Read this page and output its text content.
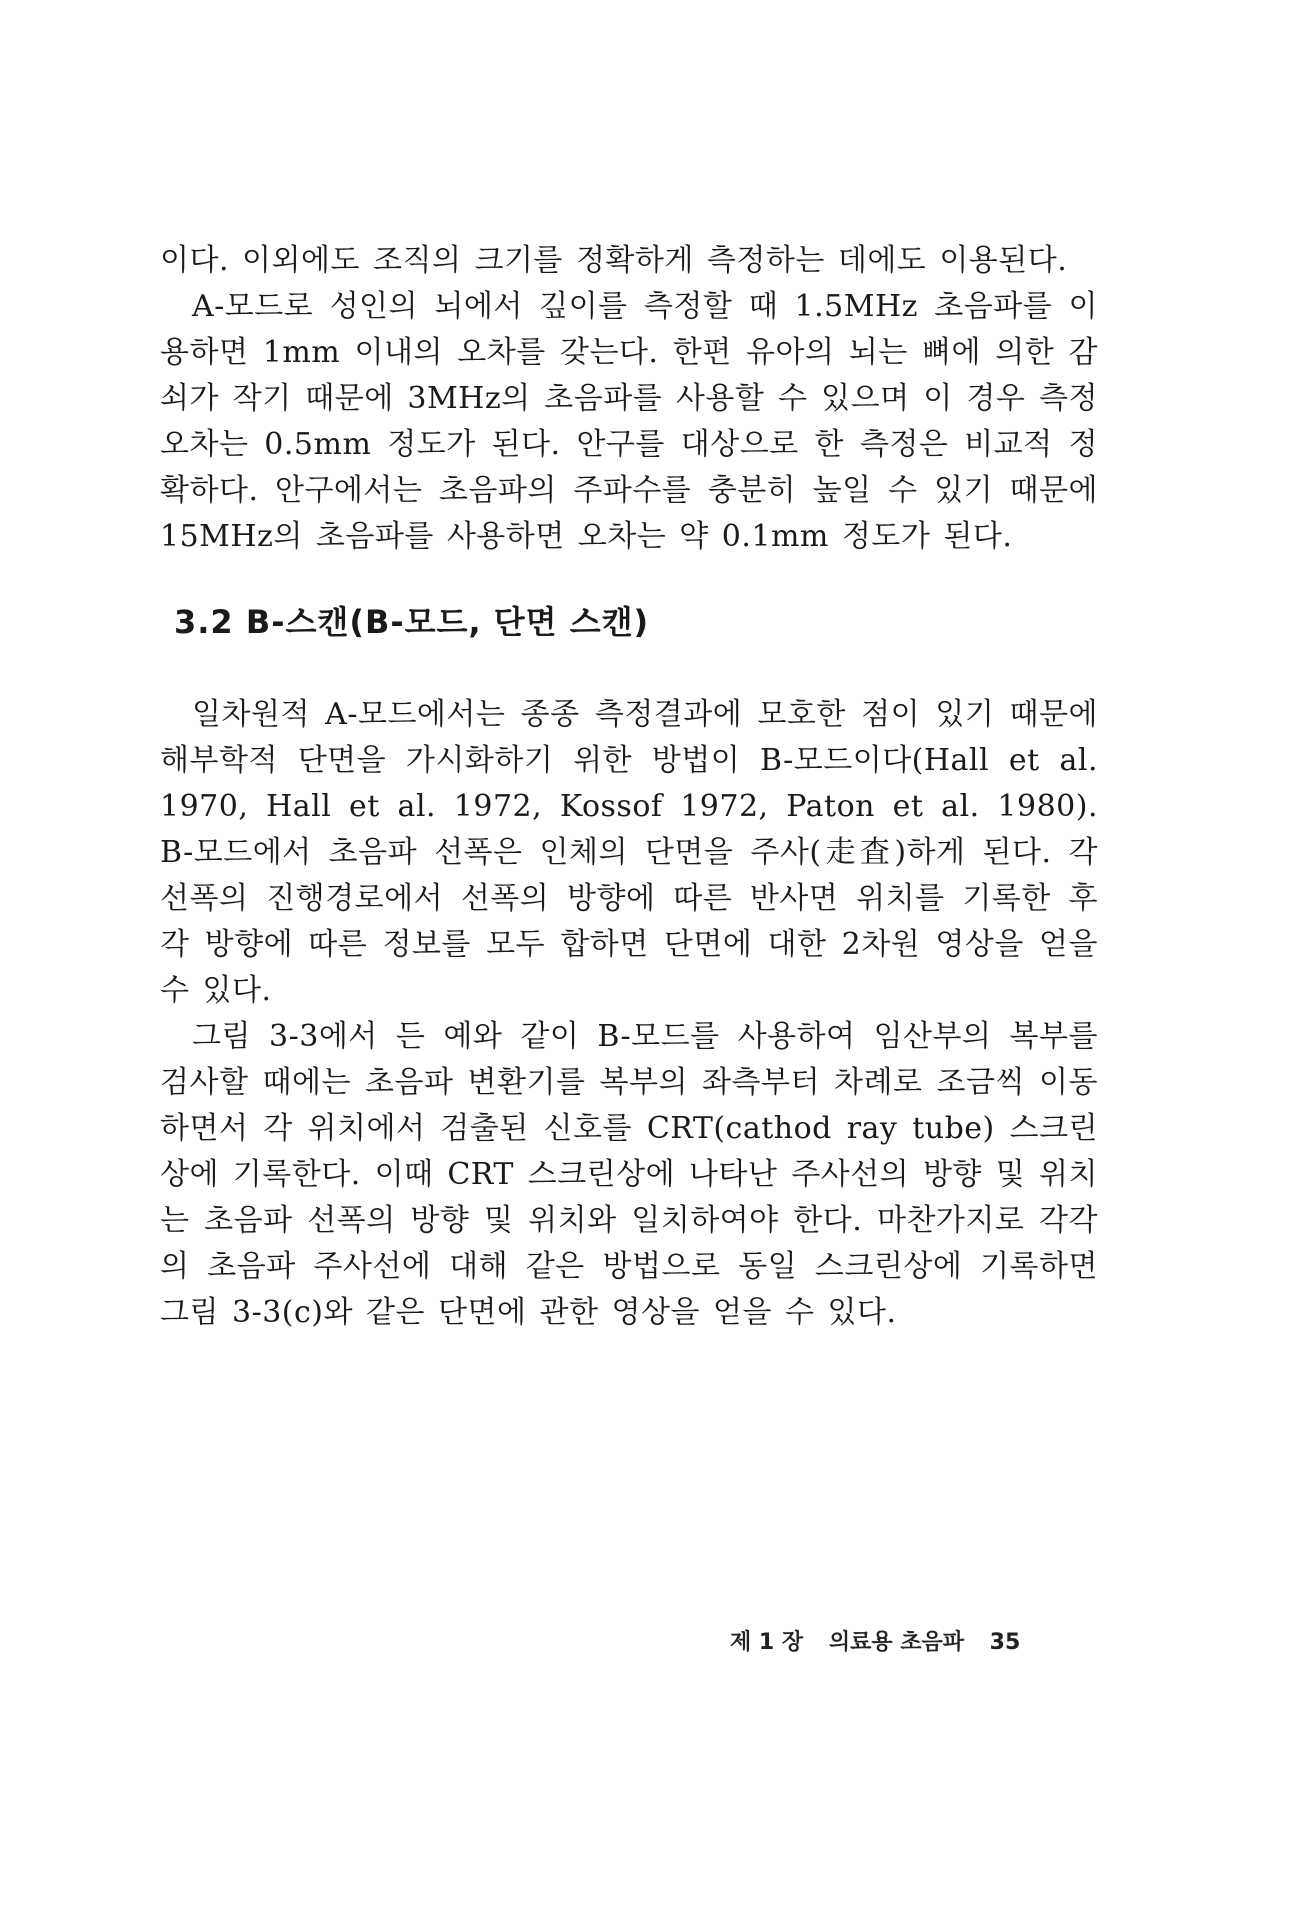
이다. 이외에도 조직의 크기를 정확하게 측정하는 데에도 이용된다.

A-모드로 성인의 뇌에서 깊이를 측정할 때 1.5MHz 초음파를 이용하면 1mm 이내의 오차를 갖는다. 한편 유아의 뇌는 뼈에 의한 감쇠가 작기 때문에 3MHz의 초음파를 사용할 수 있으며 이 경우 측정 오차는 0.5mm 정도가 된다. 안구를 대상으로 한 측정은 비교적 정확하다. 안구에서는 초음파의 주파수를 충분히 높일 수 있기 때문에 15MHz의 초음파를 사용하면 오차는 약 0.1mm 정도가 된다.

3.2 B-스캔(B-모드, 단면 스캔)

일차원적 A-모드에서는 종종 측정결과에 모호한 점이 있기 때문에 해부학적 단면을 가시화하기 위한 방법이 B-모드이다(Hall et al. 1970, Hall et al. 1972, Kossof 1972, Paton et al. 1980). B-모드에서 초음파 선폭은 인체의 단면을 주사(走査)하게 된다. 각 선폭의 진행경로에서 선폭의 방향에 따른 반사면 위치를 기록한 후 각 방향에 따른 정보를 모두 합하면 단면에 대한 2차원 영상을 얻을 수 있다.

그림 3-3에서 든 예와 같이 B-모드를 사용하여 임산부의 복부를 검사할 때에는 초음파 변환기를 복부의 좌측부터 차례로 조금씩 이동하면서 각 위치에서 검출된 신호를 CRT(cathod ray tube) 스크린상에 기록한다. 이때 CRT 스크린상에 나타난 주사선의 방향 및 위치는 초음파 선폭의 방향 및 위치와 일치하여야 한다. 마찬가지로 각각의 초음파 주사선에 대해 같은 방법으로 동일 스크린상에 기록하면 그림 3-3(c)와 같은 단면에 관한 영상을 얻을 수 있다.

제 1 장 의료용 초음파 35
